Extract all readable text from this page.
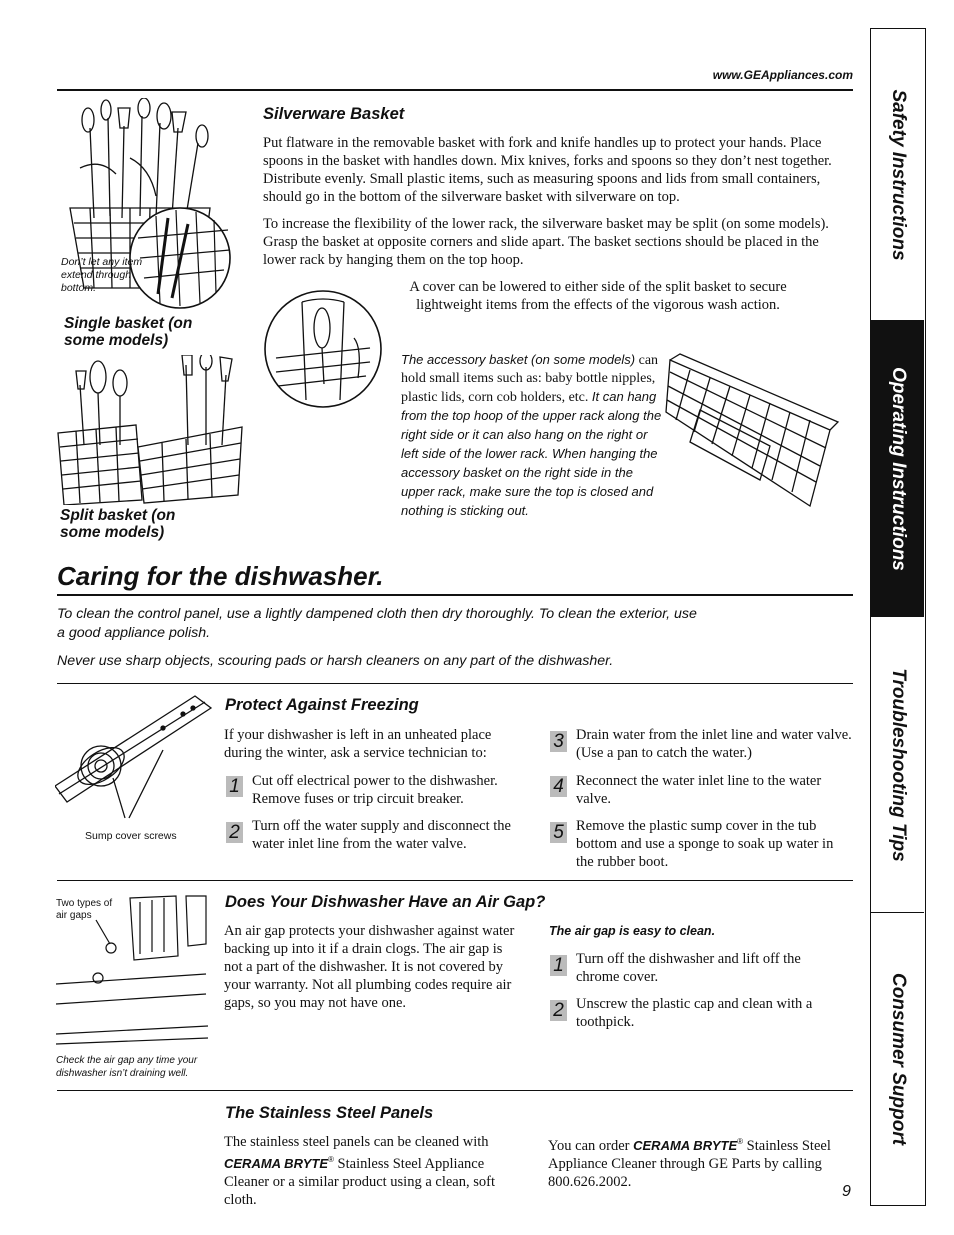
www.GEAppliances.com
Safety Instructions
Operating Instructions
Troubleshooting Tips
Consumer Support
Don’t let any item extend through bottom.
Single basket (on some models)
Split basket (on some models)
Silverware Basket

Put flatware in the removable basket with fork and knife handles up to protect your hands. Place spoons in the basket with handles down. Mix knives, forks and spoons so they don’t nest together. Distribute evenly. Small plastic items, such as measuring spoons and lids from small containers, should go in the bottom of the silverware basket with silverware on top.

To increase the flexibility of the lower rack, the silverware basket may be split (on some models). Grasp the basket at opposite corners and slide apart. The basket sections should be placed in the lower rack by hanging them on the top hoop.

A cover can be lowered to either side of the split basket to secure lightweight items from the effects of the vigorous wash action.
The accessory basket (on some models) can hold small items such as: baby bottle nipples, plastic lids, corn cob holders, etc. It can hang from the top hoop of the upper rack along the right side or it can also hang on the right or left side of the lower rack. When hanging the accessory basket on the right side in the upper rack, make sure the top is closed and nothing is sticking out.
Caring for the dishwasher.
To clean the control panel, use a lightly dampened cloth then dry thoroughly. To clean the exterior, use a good appliance polish.
Never use sharp objects, scouring pads or harsh cleaners on any part of the dishwasher.
Sump cover screws
Protect Against Freezing
If your dishwasher is left in an unheated place during the winter, ask a service technician to:
1 Cut off electrical power to the dishwasher. Remove fuses or trip circuit breaker.
2 Turn off the water supply and disconnect the water inlet line from the water valve.
3 Drain water from the inlet line and water valve. (Use a pan to catch the water.)
4 Reconnect the water inlet line to the water valve.
5 Remove the plastic sump cover in the tub bottom and use a sponge to soak up water in the rubber boot.
Two types of air gaps
Check the air gap any time your dishwasher isn’t draining well.
Does Your Dishwasher Have an Air Gap?
An air gap protects your dishwasher against water backing up into it if a drain clogs. The air gap is not a part of the dishwasher. It is not covered by your warranty. Not all plumbing codes require air gaps, so you may not have one.
The air gap is easy to clean.
1 Turn off the dishwasher and lift off the chrome cover.
2 Unscrew the plastic cap and clean with a toothpick.
The Stainless Steel Panels
The stainless steel panels can be cleaned with CERAMA BRYTE® Stainless Steel Appliance Cleaner or a similar product using a clean, soft cloth.
You can order CERAMA BRYTE® Stainless Steel Appliance Cleaner through GE Parts by calling 800.626.2002.
9
